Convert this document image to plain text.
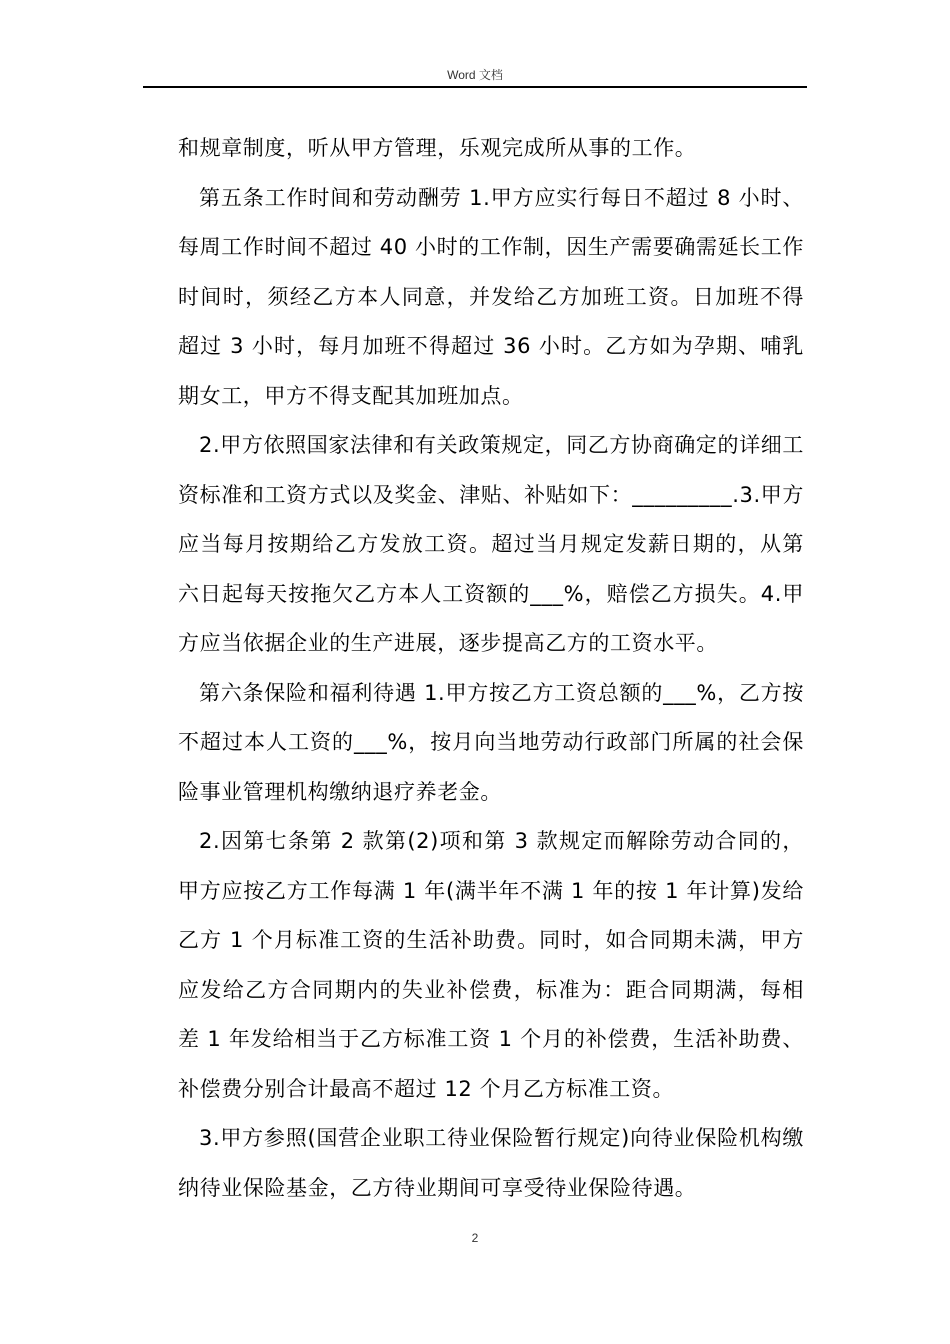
Word 文档

和规章制度，听从甲方管理，乐观完成所从事的工作。

第五条工作时间和劳动酬劳 1.甲方应实行每日不超过 8 小时、每周工作时间不超过 40 小时的工作制，因生产需要确需延长工作时间时，须经乙方本人同意，并发给乙方加班工资。日加班不得超过 3 小时，每月加班不得超过 36 小时。乙方如为孕期、哺乳期女工，甲方不得支配其加班加点。

2.甲方依照国家法律和有关政策规定，同乙方协商确定的详细工资标准和工资方式以及奖金、津贴、补贴如下：_________.3.甲方应当每月按期给乙方发放工资。超过当月规定发薪日期的，从第六日起每天按拖欠乙方本人工资额的___%，赔偿乙方损失。4.甲方应当依据企业的生产进展，逐步提高乙方的工资水平。

第六条保险和福利待遇 1.甲方按乙方工资总额的___%，乙方按不超过本人工资的___%，按月向当地劳动行政部门所属的社会保险事业管理机构缴纳退疗养老金。

2.因第七条第 2 款第(2)项和第 3 款规定而解除劳动合同的，甲方应按乙方工作每满 1 年(满半年不满 1 年的按 1 年计算)发给乙方 1 个月标准工资的生活补助费。同时，如合同期未满，甲方应发给乙方合同期内的失业补偿费，标准为：距合同期满，每相差 1 年发给相当于乙方标准工资 1 个月的补偿费，生活补助费、补偿费分别合计最高不超过 12 个月乙方标准工资。

3.甲方参照(国营企业职工待业保险暂行规定)向待业保险机构缴纳待业保险基金，乙方待业期间可享受待业保险待遇。

2
